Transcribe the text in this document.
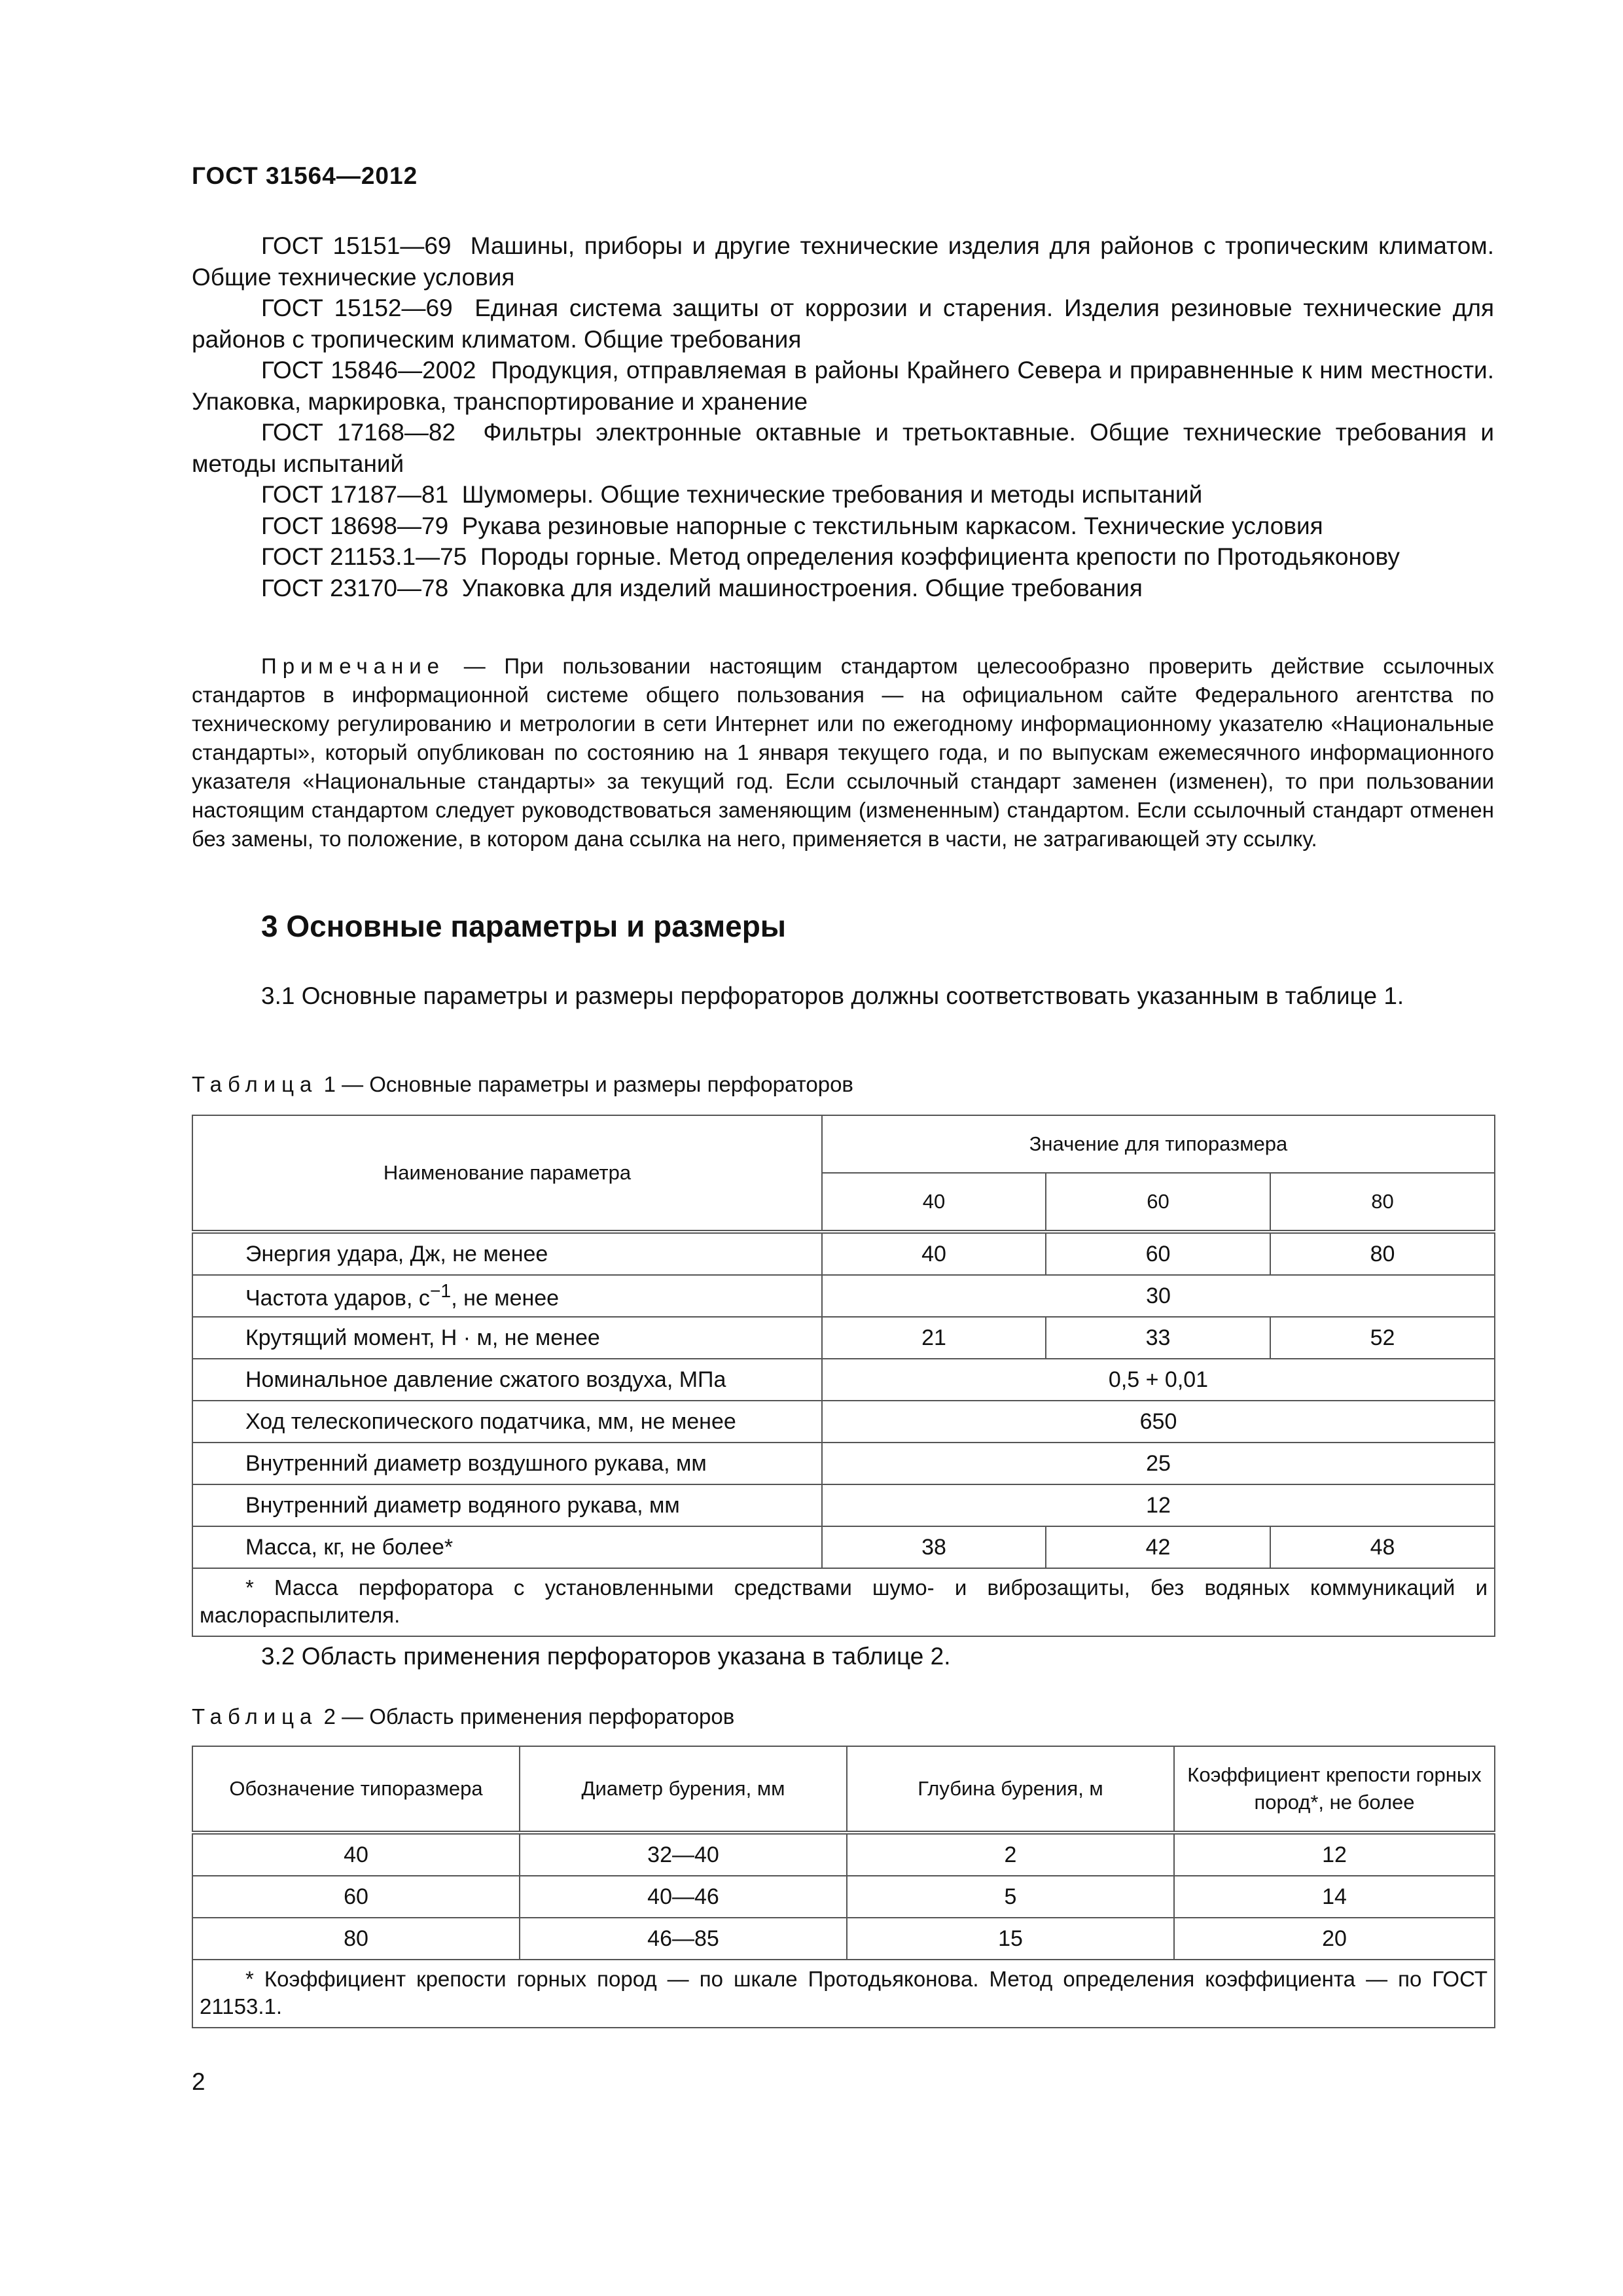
ГОСТ 31564—2012

ГОСТ 15151—69 Машины, приборы и другие технические изделия для районов с тропическим климатом. Общие технические условия

ГОСТ 15152—69 Единая система защиты от коррозии и старения. Изделия резиновые технические для районов с тропическим климатом. Общие требования

ГОСТ 15846—2002 Продукция, отправляемая в районы Крайнего Севера и приравненные к ним местности. Упаковка, маркировка, транспортирование и хранение

ГОСТ 17168—82 Фильтры электронные октавные и третьоктавные. Общие технические требования и методы испытаний

ГОСТ 17187—81 Шумомеры. Общие технические требования и методы испытаний

ГОСТ 18698—79 Рукава резиновые напорные с текстильным каркасом. Технические условия

ГОСТ 21153.1—75 Породы горные. Метод определения коэффициента крепости по Протодьяконову

ГОСТ 23170—78 Упаковка для изделий машиностроения. Общие требования

Примечание — При пользовании настоящим стандартом целесообразно проверить действие ссылочных стандартов в информационной системе общего пользования — на официальном сайте Федерального агентства по техническому регулированию и метрологии в сети Интернет или по ежегодному информационному указателю «Национальные стандарты», который опубликован по состоянию на 1 января текущего года, и по выпускам ежемесячного информационного указателя «Национальные стандарты» за текущий год. Если ссылочный стандарт заменен (изменен), то при пользовании настоящим стандартом следует руководствоваться заменяющим (измененным) стандартом. Если ссылочный стандарт отменен без замены, то положение, в котором дана ссылка на него, применяется в части, не затрагивающей эту ссылку.

3 Основные параметры и размеры

3.1 Основные параметры и размеры перфораторов должны соответствовать указанным в таблице 1.

Таблица 1 — Основные параметры и размеры перфораторов

Наименование параметра	Значение для типоразмера		
	40	60	80
Энергия удара, Дж, не менее	40	60	80
Частота ударов, $с^{-1}$, не менее	30		
Крутящий момент, Н · м, не менее	21	33	52
Номинальное давление сжатого воздуха, МПа	0,5 + 0,01		
Ход телескопического податчика, мм, не менее	650		
Внутренний диаметр воздушного рукава, мм	25		
Внутренний диаметр водяного рукава, мм	12		
Масса, кг, не более*	38	42	48
* Масса перфоратора с установленными средствами шумо- и виброзащиты, без водяных коммуникаций и маслораспылителя.			

3.2 Область применения перфораторов указана в таблице 2.

Таблица 2 — Область применения перфораторов

Обозначение типоразмера	Диаметр бурения, мм	Глубина бурения, м	Коэффициент крепости горных пород*, не более
40	32—40	2	12
60	40—46	5	14
80	46—85	15	20
* Коэффициент крепости горных пород — по шкале Протодьяконова. Метод определения коэффициента — по ГОСТ 21153.1.			
2
